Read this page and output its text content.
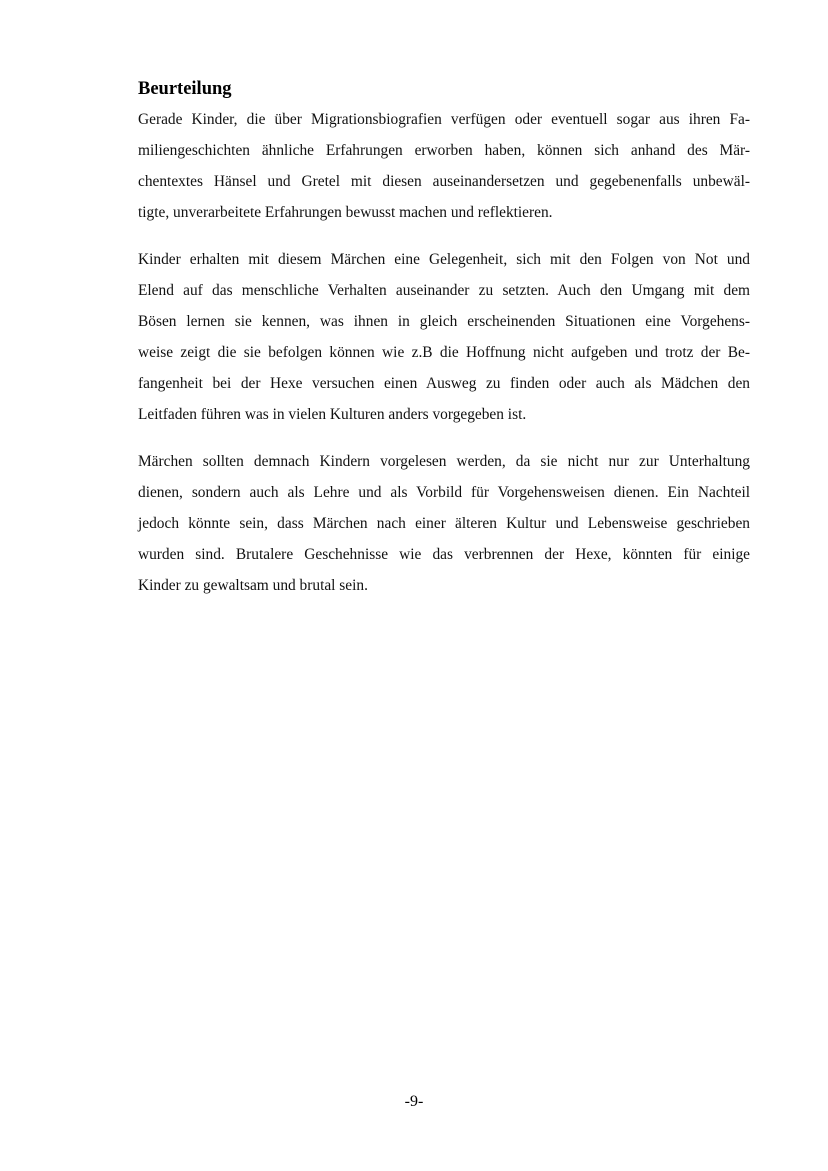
Beurteilung

Gerade Kinder, die über Migrationsbiografien verfügen oder eventuell sogar aus ihren Fa-
miliengeschichten ähnliche Erfahrungen erworben haben, können sich anhand des Mär-
chentextes Hänsel und Gretel mit diesen auseinandersetzen und gegebenenfalls unbewäl-
tigte, unverarbeitete Erfahrungen bewusst machen und reflektieren.

Kinder erhalten mit diesem Märchen eine Gelegenheit, sich mit den Folgen von Not und
Elend auf das menschliche Verhalten auseinander zu setzten. Auch den Umgang mit dem
Bösen lernen sie kennen, was ihnen in gleich erscheinenden Situationen eine Vorgehens-
weise zeigt die sie befolgen können wie z.B die Hoffnung nicht aufgeben und trotz der Be-
fangenheit bei der Hexe versuchen einen Ausweg zu finden oder auch als Mädchen den
Leitfaden führen was in vielen Kulturen anders vorgegeben ist.

Märchen sollten demnach Kindern vorgelesen werden, da sie nicht nur zur Unterhaltung
dienen, sondern auch als Lehre und als Vorbild für Vorgehensweisen dienen. Ein Nachteil
jedoch könnte sein, dass Märchen nach einer älteren Kultur und Lebensweise geschrieben
wurden sind. Brutalere Geschehnisse wie das verbrennen der Hexe, könnten für einige
Kinder zu gewaltsam und brutal sein.

-9-
